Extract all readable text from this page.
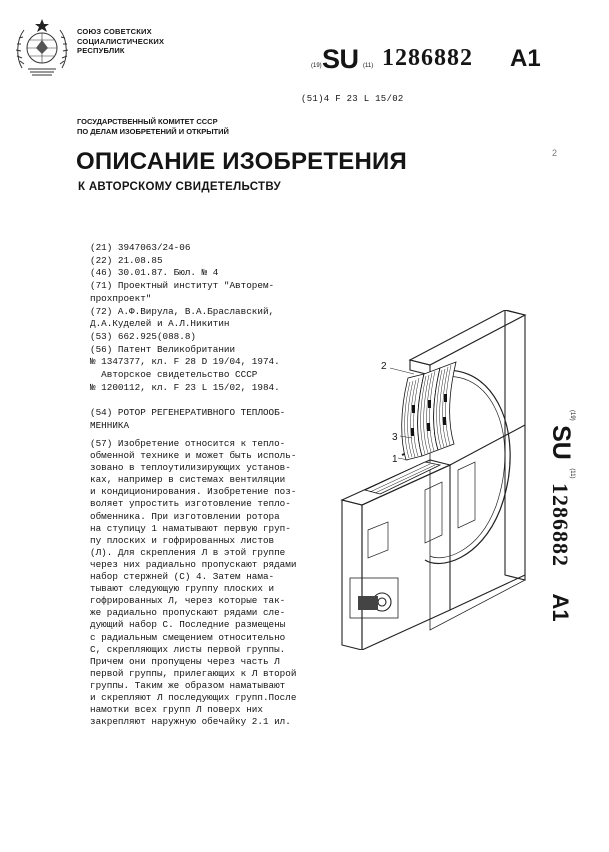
СОЮЗ СОВЕТСКИХ
СОЦИАЛИСТИЧЕСКИХ
РЕСПУБЛИК
(19) SU (11) 1286882 A1
(51)4 F 23 L 15/02
ГОСУДАРСТВЕННЫЙ КОМИТЕТ СССР
ПО ДЕЛАМ ИЗОБРЕТЕНИЙ И ОТКРЫТИЙ
ОПИСАНИЕ ИЗОБРЕТЕНИЯ
К АВТОРСКОМУ СВИДЕТЕЛЬСТВУ
2
(21) 3947063/24-06
(22) 21.08.85
(46) 30.01.87. Бюл. № 4
(71) Проектный институт "Авторем-
прохпроект"
(72) А.Ф.Вирула, В.А.Браславский,
Д.А.Куделей и А.Л.Никитин
(53) 662.925(088.8)
(56) Патент Великобритании
№ 1347377, кл. F 28 D 19/04, 1974.
Авторское свидетельство СССР
№ 1200112, кл. F 23 L 15/02, 1984.

(54) РОТОР РЕГЕНЕРАТИВНОГО ТЕПЛООБ-
МЕННИКА
(57) Изобретение относится к тепло-
обменной технике и может быть исполь-
зовано в теплоутилизирующих установ-
ках, например в системах вентиляции
и кондиционирования. Изобретение поз-
воляет упростить изготовление тепло-
обменника. При изготовлении ротора
на ступицу 1 наматывают первую груп-
пу плоских и гофрированных листов
(Л). Для скрепления Л в этой группе
через них радиально пропускают рядами
набор стержней (С) 4. Затем нама-
тывают следующую группу плоских и
гофрированных Л, через которые так-
же радиально пропускают рядами сле-
дующий набор С. Последние размещены
с радиальным смещением относительно
С, скрепляющих листы первой группы.
Причем они пропущены через часть Л
первой группы, прилегающих к Л второй
группы. Таким же образом наматывают
и скрепляют Л последующих групп.После
намотки всех групп Л поверх них
закрепляют наружную обечайку 2.1 ил.
2
3
1
$^{(19)}$ SU $^{(11)}$ 1286882 A1
